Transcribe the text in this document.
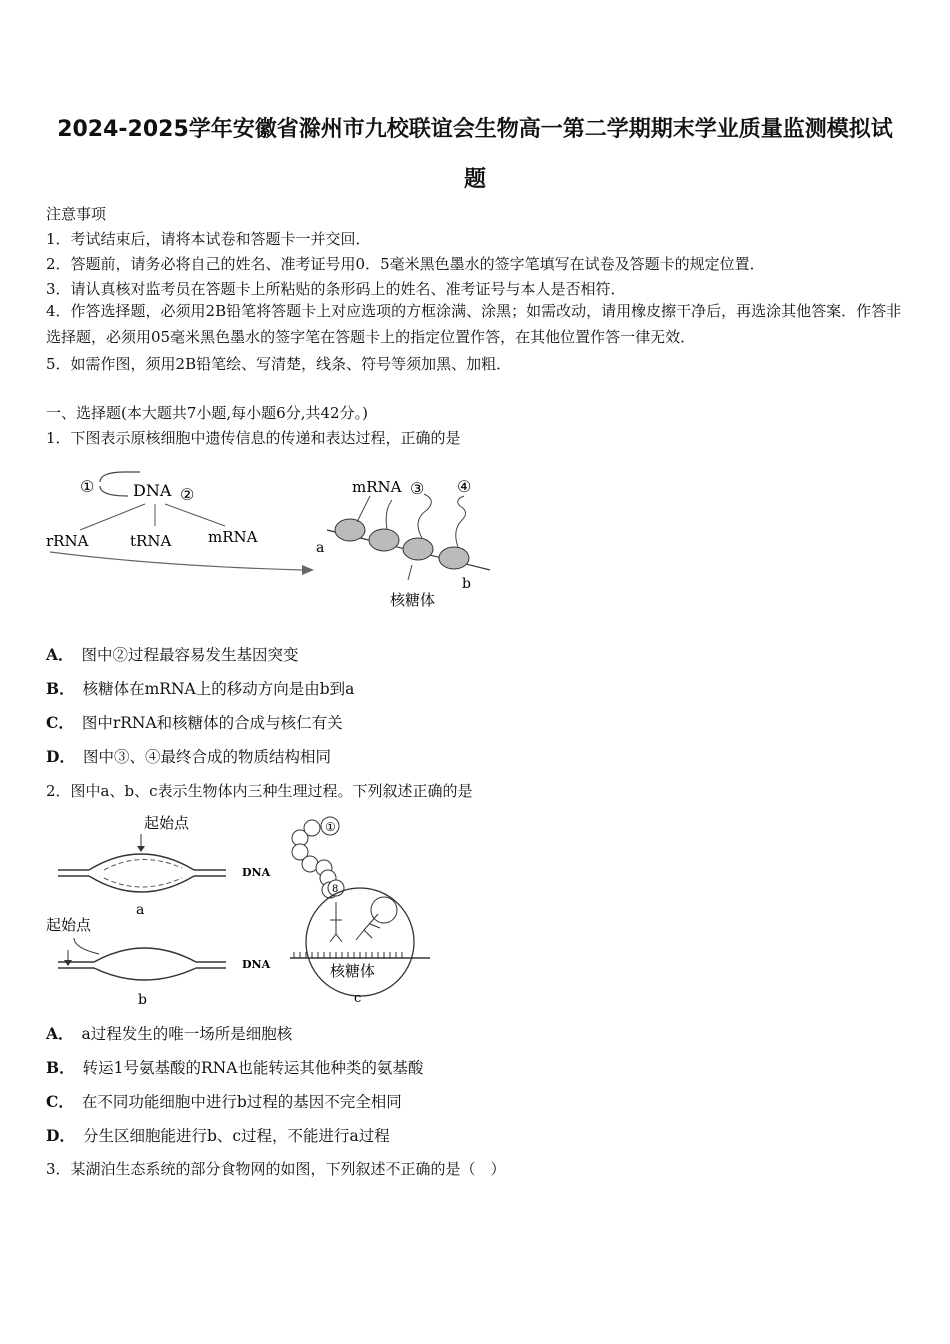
2024-2025学年安徽省滁州市九校联谊会生物高一第二学期期末学业质量监测模拟试
题
注意事项
1．考试结束后，请将本试卷和答题卡一并交回．
2．答题前，请务必将自己的姓名、准考证号用0．5毫米黑色墨水的签字笔填写在试卷及答题卡的规定位置．
3．请认真核对监考员在答题卡上所粘贴的条形码上的姓名、准考证号与本人是否相符．
4．作答选择题，必须用2B铅笔将答题卡上对应选项的方框涂满、涂黑；如需改动，请用橡皮擦干净后，再选涂其他答案．作答非选择题，必须用05毫米黑色墨水的签字笔在答题卡上的指定位置作答，在其他位置作答一律无效．
5．如需作图，须用2B铅笔绘、写清楚，线条、符号等须加黑、加粗．
一、选择题(本大题共7小题,每小题6分,共42分。)
1．下图表示原核细胞中遗传信息的传递和表达过程，正确的是
① DNA ②
rRNA	tRNA mRNA
mRNA ③ ④
a
核糖体
b
A． 图中②过程最容易发生基因突变
B． 核糖体在mRNA上的移动方向是由b到a
C． 图中rRNA和核糖体的合成与核仁有关
D． 图中③、④最终合成的物质结构相同
2．图中a、b、c表示生物体内三种生理过程。下列叙述正确的是
起始点
DNA
a
起始点
DNA
b
①
8
核糖体
c
A． a过程发生的唯一场所是细胞核
B． 转运1号氨基酸的RNA也能转运其他种类的氨基酸
C． 在不同功能细胞中进行b过程的基因不完全相同
D． 分生区细胞能进行b、c过程，不能进行a过程
3．某湖泊生态系统的部分食物网的如图，下列叙述不正确的是（　）
